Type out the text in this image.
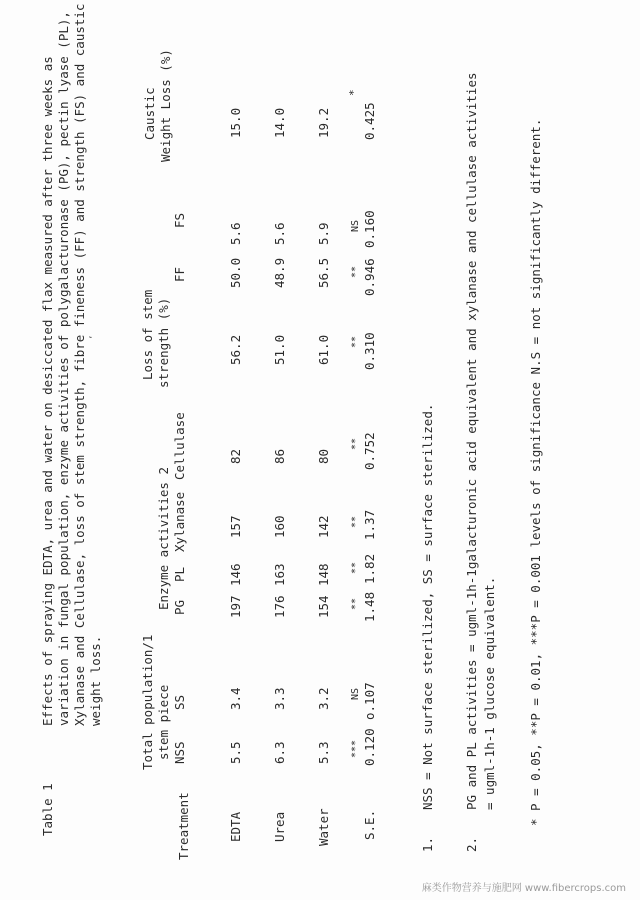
Table 1Effects of spraying EDTA, urea and water on desiccated flax measured after three weeks as variation in fungal population, enzyme activities of polygalacturonase (PG), pectin lyase (PL), Xylanase and Cellulase, loss of stem strength, fibre fineness (FF) and strength (FS) and caustic weight loss.	Total population/1 stem piece
Treatment
NSS
SS
Enzyme activities 2 PG
PL
Xylanase
Cellulase
Loss of stem strength (%)
FF
FS
Caustic Weight Loss (%)
EDTA
5.5
3.4
197
146
157
82
56.2
50.0
5.6
15.0
Urea
6.3
3.3
176
163
160
86
51.0
48.9
5.6
14.0
Water
5.3
3.2
154
148
142
80
61.0
56.5
5.9
19.2
S.E.
*** 0.120
NS o.107
** 1.48
** 1.82
** 1.37
** 0.752
** 0.310
** 0.946
NS 0.160
*
0.425
1.NSS = Not surface sterilized, SS = surface sterilized.
2.PG and PL activities = ugml-1h-1galacturonic acid equivalent and xylanase and cellulase activities = ugml-1h-1 glucose equivalent. * P = 0.05, **P = 0.01, ***P = 0.001 levels of significance N.S = not significantly different.
‘
麻类作物营养与施肥网 www.fibercrops.com
